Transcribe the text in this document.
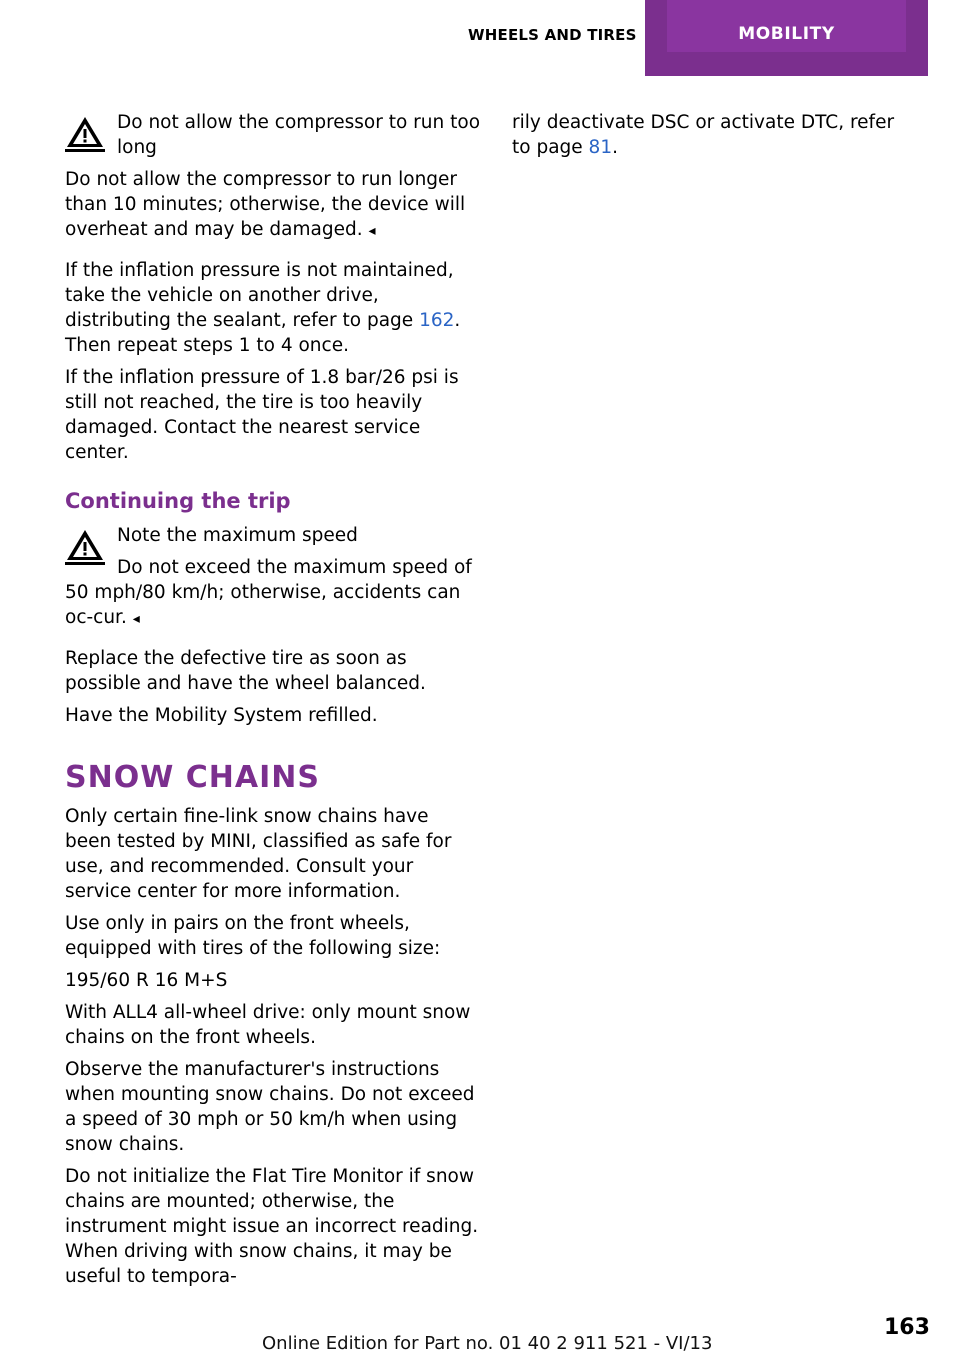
WHEELS AND TIRES	MOBILITY
Do not allow the compressor to run too
long

Do not allow the compressor to run longer than 10 minutes; otherwise, the device will overheat and may be damaged. ◂

If the inflation pressure is not maintained, take the vehicle on another drive, distributing the sealant, refer to page 162. Then repeat steps 1 to 4 once.

If the inflation pressure of 1.8 bar/26 psi is still not reached, the tire is too heavily damaged. Contact the nearest service center.

Continuing the trip
Note the maximum speed
Do not exceed the maximum speed of

50 mph/80 km/h; otherwise, accidents can oc-cur. ◂

Replace the defective tire as soon as possible and have the wheel balanced.

Have the Mobility System refilled.

SNOW CHAINS

Only certain fine-link snow chains have been tested by MINI, classified as safe for use, and recommended. Consult your service center for more information.

Use only in pairs on the front wheels, equipped with tires of the following size:

195/60 R 16 M+S

With ALL4 all-wheel drive: only mount snow chains on the front wheels.

Observe the manufacturer's instructions when mounting snow chains. Do not exceed a speed of 30 mph or 50 km/h when using snow chains.

Do not initialize the Flat Tire Monitor if snow chains are mounted; otherwise, the instrument might issue an incorrect reading. When driving with snow chains, it may be useful to tempora-

rily deactivate DSC or activate DTC, refer to page 81.

163
Online Edition for Part no. 01 40 2 911 521 - VI/13
